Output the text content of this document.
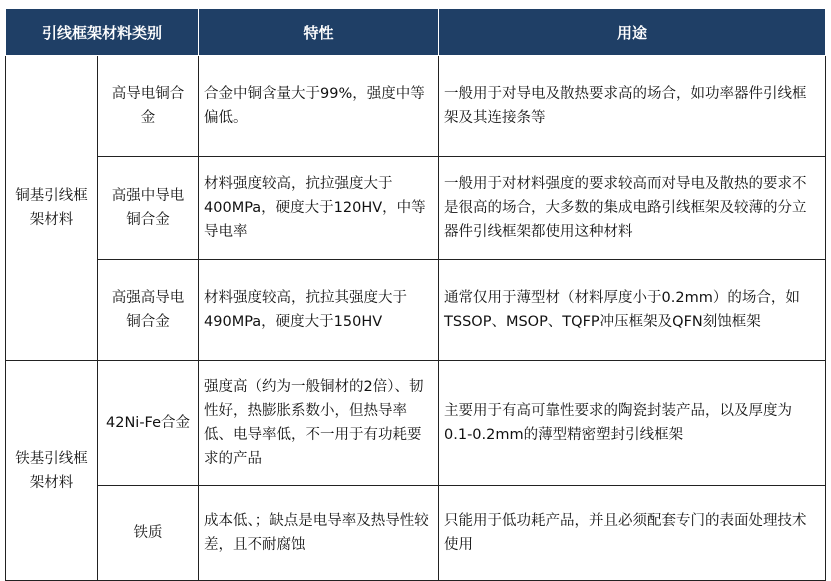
引线框架材料类别		特性	用途
铜基引线框架材料	高导电铜合金	合金中铜含量大于99%，强度中等偏低。	一般用于对导电及散热要求高的场合，如功率器件引线框架及其连接条等
	高强中导电铜合金	材料强度较高，抗拉强度大于400MPa，硬度大于120HV，中等导电率	一般用于对材料强度的要求较高而对导电及散热的要求不是很高的场合，大多数的集成电路引线框架及较薄的分立器件引线框架都使用这种材料
	高强高导电铜合金	材料强度较高，抗拉其强度大于490MPa，硬度大于150HV	通常仅用于薄型材（材料厚度小于0.2mm）的场合，如TSSOP、MSOP、TQFP冲压框架及QFN刻蚀框架
铁基引线框架材料	42Ni-Fe合金	强度高（约为一般铜材的2倍）、韧性好，热膨胀系数小，但热导率低、电导率低，不一用于有功耗要求的产品	主要用于有高可靠性要求的陶瓷封装产品，以及厚度为0.1-0.2mm的薄型精密塑封引线框架
	铁质	成本低、；缺点是电导率及热导性较差，且不耐腐蚀	只能用于低功耗产品，并且必须配套专门的表面处理技术使用
